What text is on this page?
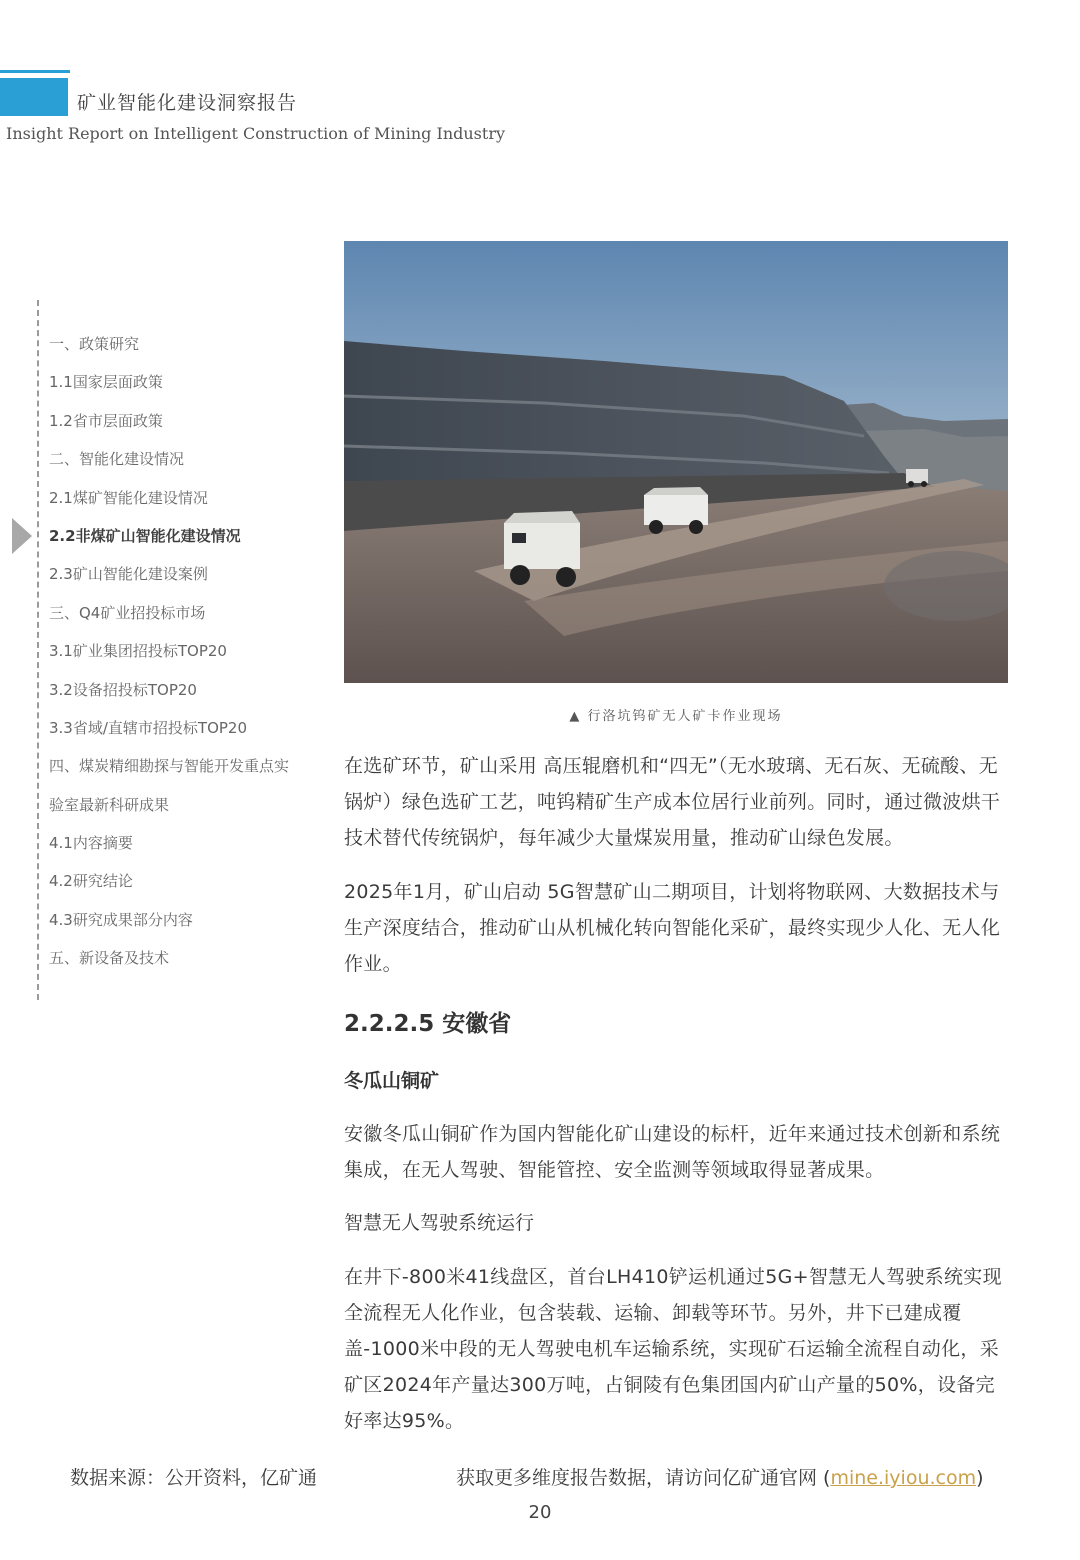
矿业智能化建设洞察报告
Insight Report on Intelligent Construction of Mining Industry
一、政策研究
1.1国家层面政策
1.2省市层面政策
二、智能化建设情况
2.1煤矿智能化建设情况
2.2非煤矿山智能化建设情况
2.3矿山智能化建设案例
三、Q4矿业招投标市场
3.1矿业集团招投标TOP20
3.2设备招投标TOP20
3.3省域/直辖市招投标TOP20
四、煤炭精细勘探与智能开发重点实
验室最新科研成果
4.1内容摘要
4.2研究结论
4.3研究成果部分内容
五、新设备及技术
▲ 行洛坑钨矿无人矿卡作业现场

在选矿环节，矿山采用 高压辊磨机和“四无”（无水玻璃、无石灰、无硫酸、无锅炉）绿色选矿工艺，吨钨精矿生产成本位居行业前列。同时，通过微波烘干技术替代传统锅炉，每年减少大量煤炭用量，推动矿山绿色发展。

2025年1月，矿山启动 5G智慧矿山二期项目，计划将物联网、大数据技术与生产深度结合，推动矿山从机械化转向智能化采矿，最终实现少人化、无人化作业。

2.2.2.5 安徽省
冬瓜山铜矿

安徽冬瓜山铜矿作为国内智能化矿山建设的标杆，近年来通过技术创新和系统集成，在无人驾驶、智能管控、安全监测等领域取得显著成果。

智慧无人驾驶系统运行

在井下-800米41线盘区，首台LH410铲运机通过5G+智慧无人驾驶系统实现全流程无人化作业，包含装载、运输、卸载等环节。另外，井下已建成覆盖-1000米中段的无人驾驶电机车运输系统，实现矿石运输全流程自动化，采矿区2024年产量达300万吨，占铜陵有色集团国内矿山产量的50%，设备完好率达95%。

数据来源：公开资料，亿矿通	获取更多维度报告数据，请访问亿矿通官网 (mine.iyiou.com)
20
